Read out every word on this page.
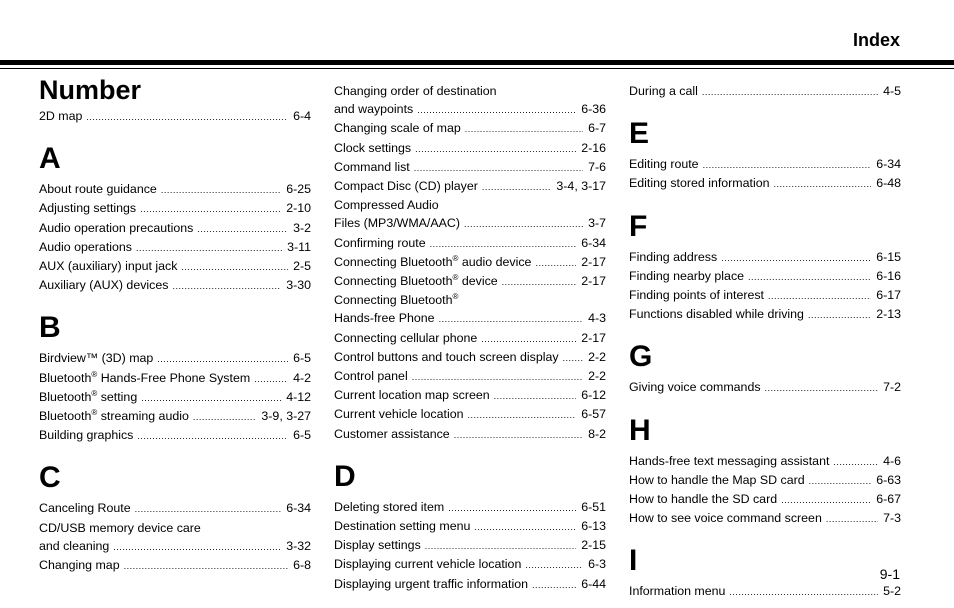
Index
Number
2D map .....	6-4
A
About route guidance .....	6-25
Adjusting settings .....	2-10
Audio operation precautions .....	3-2
Audio operations .....	3-11
AUX (auxiliary) input jack .....	2-5
Auxiliary (AUX) devices .....	3-30
B
Birdview™ (3D) map .....	6-5
Bluetooth® Hands-Free Phone System .....	4-2
Bluetooth® setting .....	4-12
Bluetooth® streaming audio .....	3-9, 3-27
Building graphics .....	6-5
C
Canceling Route .....	6-34
CD/USB memory device care
and cleaning .....	3-32
Changing map .....	6-8
Changing order of destination
and waypoints .....	6-36
Changing scale of map .....	6-7
Clock settings .....	2-16
Command list .....	7-6
Compact Disc (CD) player .....	3-4, 3-17
Compressed Audio
Files (MP3/WMA/AAC) .....	3-7
Confirming route .....	6-34
Connecting Bluetooth® audio device .....	2-17
Connecting Bluetooth® device .....	2-17
Connecting Bluetooth®
Hands-free Phone .....	4-3
Connecting cellular phone .....	2-17
Control buttons and touch screen display ..... 2-2
Control panel .....	2-2
Current location map screen .....	6-12
Current vehicle location .....	6-57
Customer assistance .....	8-2
D
Deleting stored item .....	6-51
Destination setting menu .....	6-13
Display settings .....	2-15
Displaying current vehicle location .....	6-3
Displaying urgent traffic information .....	6-44
During a call .....	4-5
E
Editing route .....	6-34
Editing stored information .....	6-48
F
Finding address .....	6-15
Finding nearby place .....	6-16
Finding points of interest .....	6-17
Functions disabled while driving .....	2-13
G
Giving voice commands .....	7-2
H
Hands-free text messaging assistant .....	4-6
How to handle the Map SD card .....	6-63
How to handle the SD card .....	6-67
How to see voice command screen .....	7-3
I
Information menu .....	5-2
9-1
